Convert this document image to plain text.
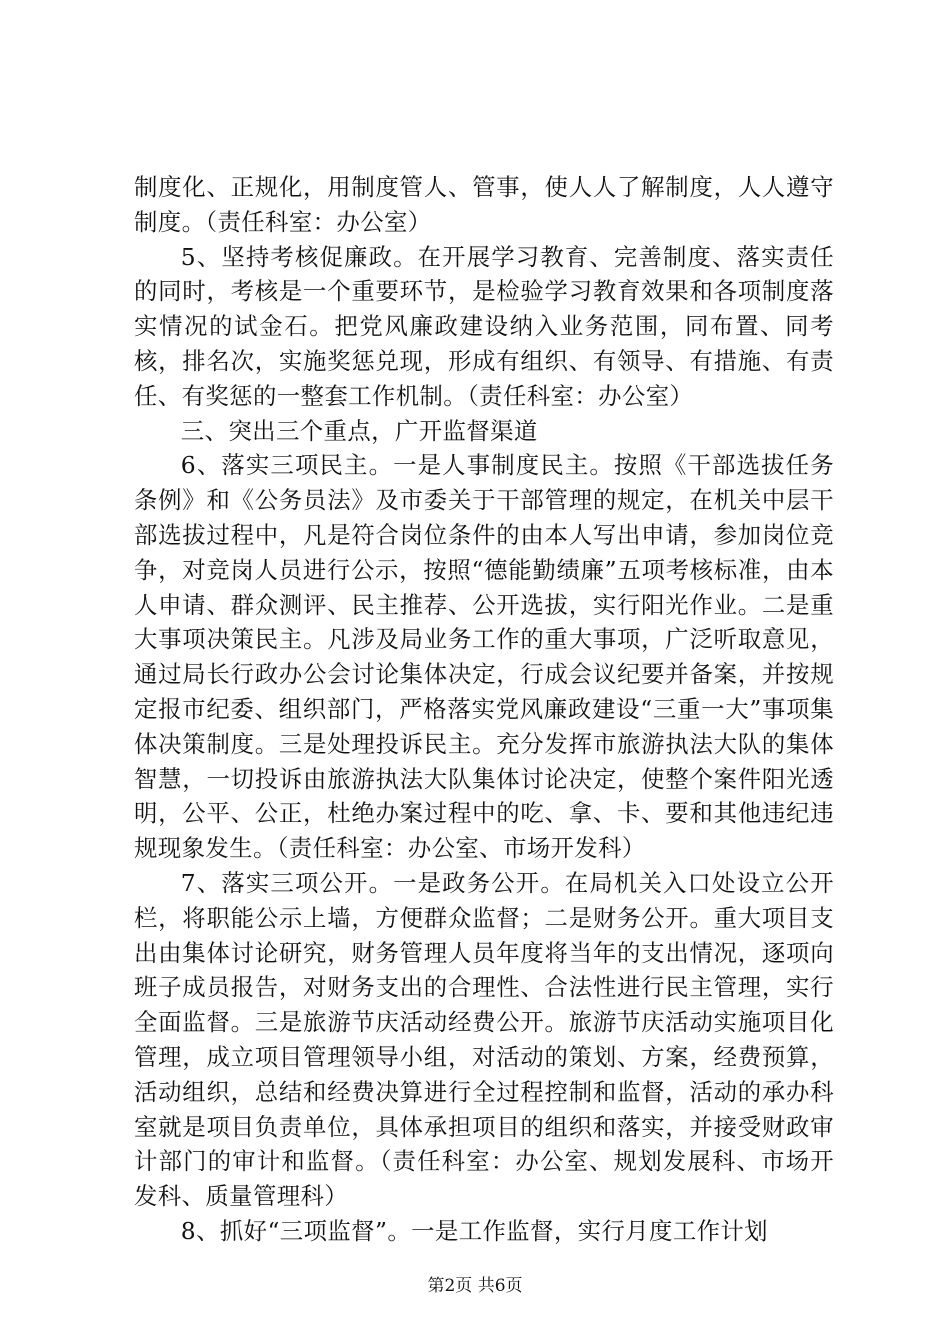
制度化、正规化，用制度管人、管事，使人人了解制度，人人遵守制度。（责任科室：办公室）

5、坚持考核促廉政。在开展学习教育、完善制度、落实责任的同时，考核是一个重要环节，是检验学习教育效果和各项制度落实情况的试金石。把党风廉政建设纳入业务范围，同布置、同考核，排名次，实施奖惩兑现，形成有组织、有领导、有措施、有责任、有奖惩的一整套工作机制。（责任科室：办公室）

三、突出三个重点，广开监督渠道

6、落实三项民主。一是人事制度民主。按照《干部选拔任务条例》和《公务员法》及市委关于干部管理的规定，在机关中层干部选拔过程中，凡是符合岗位条件的由本人写出申请，参加岗位竞争，对竞岗人员进行公示，按照“德能勤绩廉”五项考核标准，由本人申请、群众测评、民主推荐、公开选拔，实行阳光作业。二是重大事项决策民主。凡涉及局业务工作的重大事项，广泛听取意见，通过局长行政办公会讨论集体决定，行成会议纪要并备案，并按规定报市纪委、组织部门，严格落实党风廉政建设“三重一大”事项集体决策制度。三是处理投诉民主。充分发挥市旅游执法大队的集体智慧，一切投诉由旅游执法大队集体讨论决定，使整个案件阳光透明，公平、公正，杜绝办案过程中的吃、拿、卡、要和其他违纪违规现象发生。（责任科室：办公室、市场开发科）

7、落实三项公开。一是政务公开。在局机关入口处设立公开栏，将职能公示上墙，方便群众监督；二是财务公开。重大项目支出由集体讨论研究，财务管理人员年度将当年的支出情况，逐项向班子成员报告，对财务支出的合理性、合法性进行民主管理，实行全面监督。三是旅游节庆活动经费公开。旅游节庆活动实施项目化管理，成立项目管理领导小组，对活动的策划、方案，经费预算，活动组织，总结和经费决算进行全过程控制和监督，活动的承办科室就是项目负责单位，具体承担项目的组织和落实，并接受财政审计部门的审计和监督。（责任科室：办公室、规划发展科、市场开发科、质量管理科）

8、抓好“三项监督”。一是工作监督，实行月度工作计划

第2页 共6页
